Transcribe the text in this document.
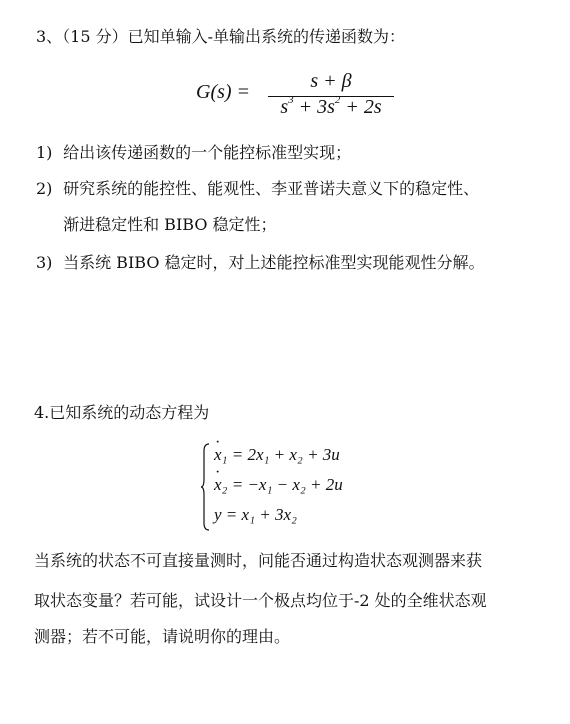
3、（15 分）已知单输入-单输出系统的传递函数为：
G(s) =	s + β
$s^3 + 3s^2 + 2s$
1) 给出该传递函数的一个能控标准型实现；
2) 研究系统的能控性、能观性、李亚普诺夫意义下的稳定性、
渐进稳定性和 BIBO 稳定性；
3) 当系统 BIBO 稳定时，对上述能控标准型实现能观性分解。
4.已知系统的动态方程为
· x₁ = 2x₁ + x₂ + 3u
· x₂ = −x₁ − x₂ + 2u
y = x₁ + 3x₂
当系统的状态不可直接量测时，问能否通过构造状态观测器来获
取状态变量？若可能，试设计一个极点均位于-2 处的全维状态观
测器；若不可能，请说明你的理由。
